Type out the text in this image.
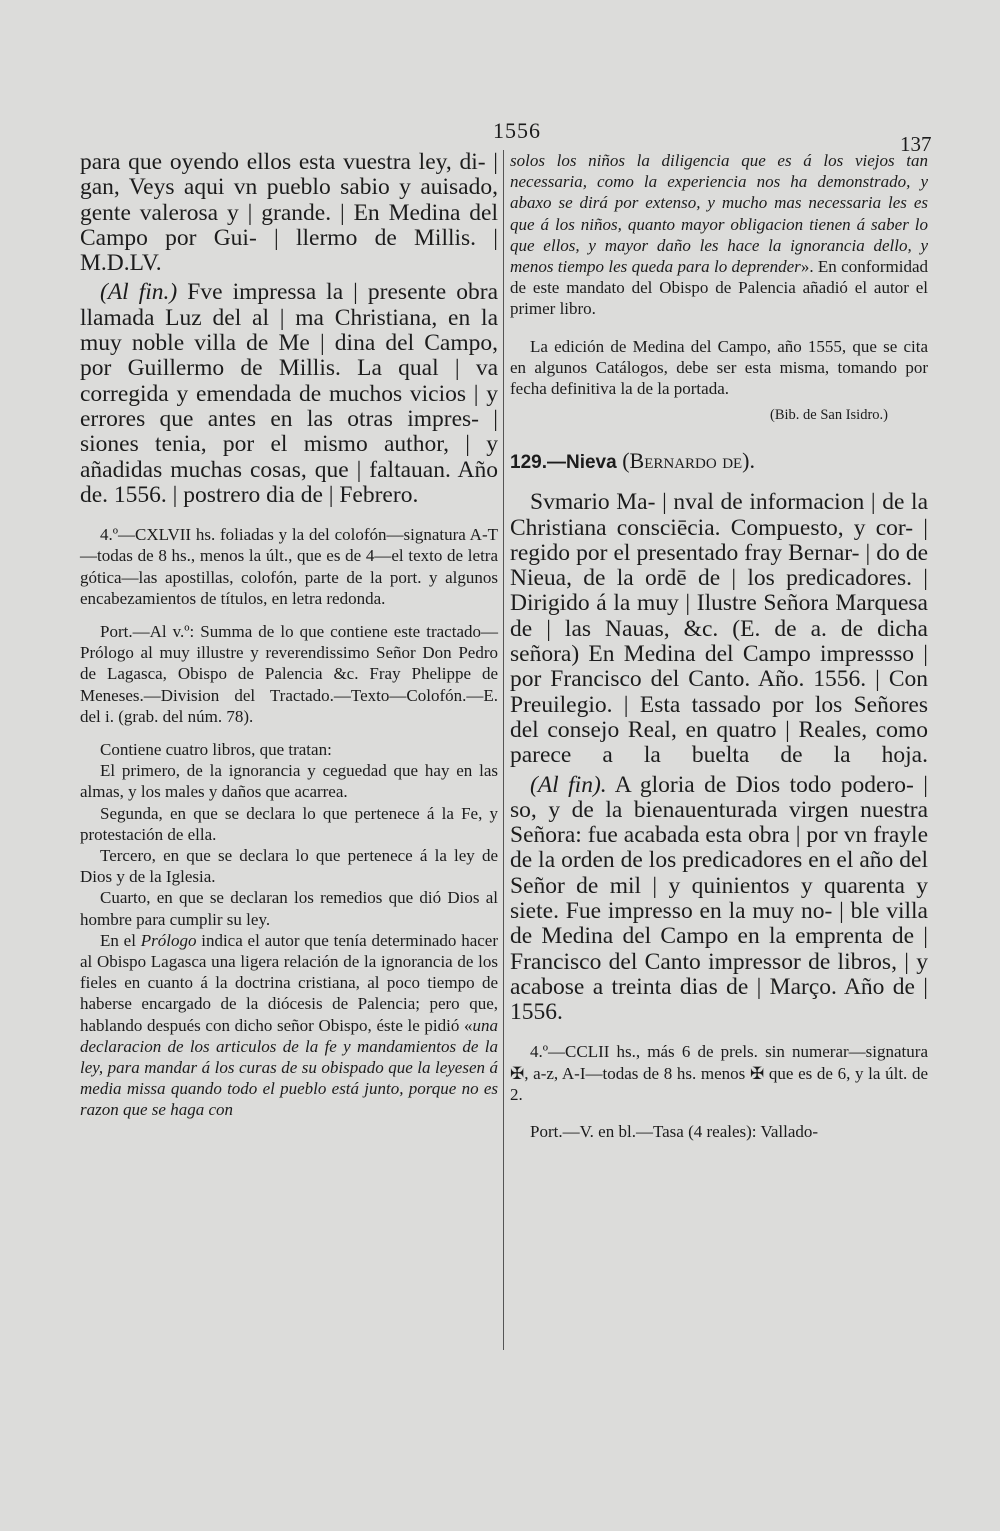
1556
137

para que oyendo ellos esta vuestra ley, di- | gan, Veys aqui vn pueblo sabio y auisado, gente valerosa y | grande. | En Medina del Campo por Gui- | llermo de Millis. | M.D.LV.

(Al fin.) Fve impressa la | presente obra llamada Luz del al | ma Christiana, en la muy noble villa de Me | dina del Campo, por Guillermo de Millis. La qual | va corregida y emendada de muchos vicios | y errores que antes en las otras impres- | siones tenia, por el mismo author, | y añadidas muchas cosas, que | faltauan. Año de. 1556. | postrero dia de | Febrero.

4.º—CXLVII hs. foliadas y la del colofón—signatura A-T—todas de 8 hs., menos la últ., que es de 4—el texto de letra gótica—las apostillas, colofón, parte de la port. y algunos encabezamientos de títulos, en letra redonda.

Port.—Al v.º: Summa de lo que contiene este tractado—Prólogo al muy illustre y reverendissimo Señor Don Pedro de Lagasca, Obispo de Palencia &c. Fray Phelippe de Meneses.—Division del Tractado.—Texto—Colofón.—E. del i. (grab. del núm. 78).

Contiene cuatro libros, que tratan:

El primero, de la ignorancia y ceguedad que hay en las almas, y los males y daños que acarrea.

Segunda, en que se declara lo que pertenece á la Fe, y protestación de ella.

Tercero, en que se declara lo que pertenece á la ley de Dios y de la Iglesia.

Cuarto, en que se declaran los remedios que dió Dios al hombre para cumplir su ley.

En el Prólogo indica el autor que tenía determinado hacer al Obispo Lagasca una ligera relación de la ignorancia de los fieles en cuanto á la doctrina cristiana, al poco tiempo de haberse encargado de la diócesis de Palencia; pero que, hablando después con dicho señor Obispo, éste le pidió «una declaracion de los articulos de la fe y mandamientos de la ley, para mandar á los curas de su obispado que la leyesen á media missa quando todo el pueblo está junto, porque no es razon que se haga con

solos los niños la diligencia que es á los viejos tan necessaria, como la experiencia nos ha demonstrado, y abaxo se dirá por extenso, y mucho mas necessaria les es que á los niños, quanto mayor obligacion tienen á saber lo que ellos, y mayor daño les hace la ignorancia dello, y menos tiempo les queda para lo deprender». En conformidad de este mandato del Obispo de Palencia añadió el autor el primer libro.

La edición de Medina del Campo, año 1555, que se cita en algunos Catálogos, debe ser esta misma, tomando por fecha definitiva la de la portada.

(Bib. de San Isidro.)

129.—Nieva (Bernardo de).

Svmario Ma- | nval de informacion | de la Christiana consciēcia. Compuesto, y cor- | regido por el presentado fray Bernar- | do de Nieua, de la ordē de | los predicadores. | Dirigido á la muy | Ilustre Señora Marquesa de | las Nauas, &c. (E. de a. de dicha señora) En Medina del Campo impressso | por Francisco del Canto. Año. 1556. | Con Preuilegio. | Esta tassado por los Señores del consejo Real, en quatro | Reales, como parece a la buelta de la hoja.

(Al fin). A gloria de Dios todo podero- | so, y de la bienauenturada virgen nuestra Señora: fue acabada esta obra | por vn frayle de la orden de los predicadores en el año del Señor de mil | y quinientos y quarenta y siete. Fue impresso en la muy no- | ble villa de Medina del Campo en la emprenta de | Francisco del Canto impressor de libros, | y acabose a treinta dias de | Março. Año de | 1556.

4.º—CCLII hs., más 6 de prels. sin numerar—signatura ✠, a-z, A-I—todas de 8 hs. menos ✠ que es de 6, y la últ. de 2.

Port.—V. en bl.—Tasa (4 reales): Vallado-
